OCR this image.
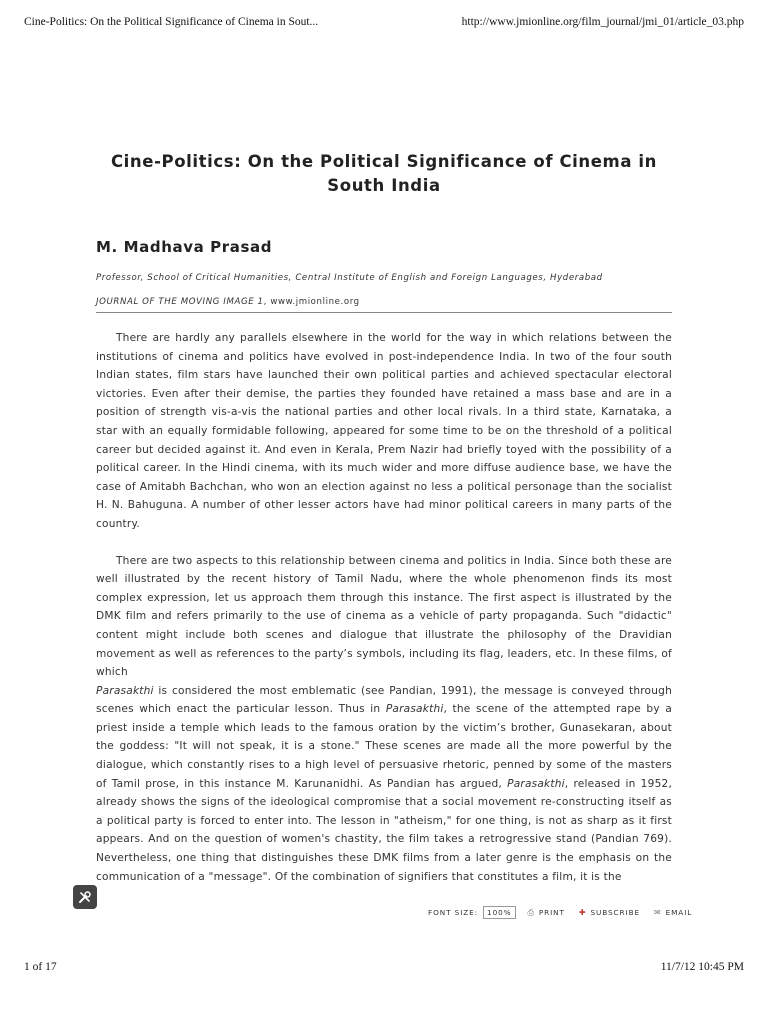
Cine-Politics: On the Political Significance of Cinema in Sout...	http://www.jmionline.org/film_journal/jmi_01/article_03.php
Cine-Politics: On the Political Significance of Cinema in South India

M. Madhava Prasad

Professor, School of Critical Humanities, Central Institute of English and Foreign Languages, Hyderabad

JOURNAL OF THE MOVING IMAGE 1, www.jmionline.org

There are hardly any parallels elsewhere in the world for the way in which relations between the institutions of cinema and politics have evolved in post-independence India. In two of the four south Indian states, film stars have launched their own political parties and achieved spectacular electoral victories. Even after their demise, the parties they founded have retained a mass base and are in a position of strength vis-a-vis the national parties and other local rivals. In a third state, Karnataka, a star with an equally formidable following, appeared for some time to be on the threshold of a political career but decided against it. And even in Kerala, Prem Nazir had briefly toyed with the possibility of a political career. In the Hindi cinema, with its much wider and more diffuse audience base, we have the case of Amitabh Bachchan, who won an election against no less a political personage than the socialist H. N. Bahuguna. A number of other lesser actors have had minor political careers in many parts of the country.

There are two aspects to this relationship between cinema and politics in India. Since both these are well illustrated by the recent history of Tamil Nadu, where the whole phenomenon finds its most complex expression, let us approach them through this instance. The first aspect is illustrated by the DMK film and refers primarily to the use of cinema as a vehicle of party propaganda. Such "didactic" content might include both scenes and dialogue that illustrate the philosophy of the Dravidian movement as well as references to the party’s symbols, including its flag, leaders, etc. In these films, of which

Parasakthi is considered the most emblematic (see Pandian, 1991), the message is conveyed through scenes which enact the particular lesson. Thus in Parasakthi, the scene of the attempted rape by a priest inside a temple which leads to the famous oration by the victim’s brother, Gunasekaran, about the goddess: "It will not speak, it is a stone." These scenes are made all the more powerful by the dialogue, which constantly rises to a high level of persuasive rhetoric, penned by some of the masters of Tamil prose, in this instance M. Karunanidhi. As Pandian has argued, Parasakthi, released in 1952, already shows the signs of the ideological compromise that a social movement re-constructing itself as a political party is forced to enter into. The lesson in "atheism," for one thing, is not as sharp as it first appears. And on the question of women's chastity, the film takes a retrogressive stand (Pandian 769). Nevertheless, one thing that distinguishes these DMK films from a later genre is the emphasis on the communication of a "message". Of the combination of signifiers that constitutes a film, it is the

FONT SIZE:	100%	⎙ PRINT ✚ SUBSCRIBE ✉ EMAIL
1 of 17	11/7/12 10:45 PM
